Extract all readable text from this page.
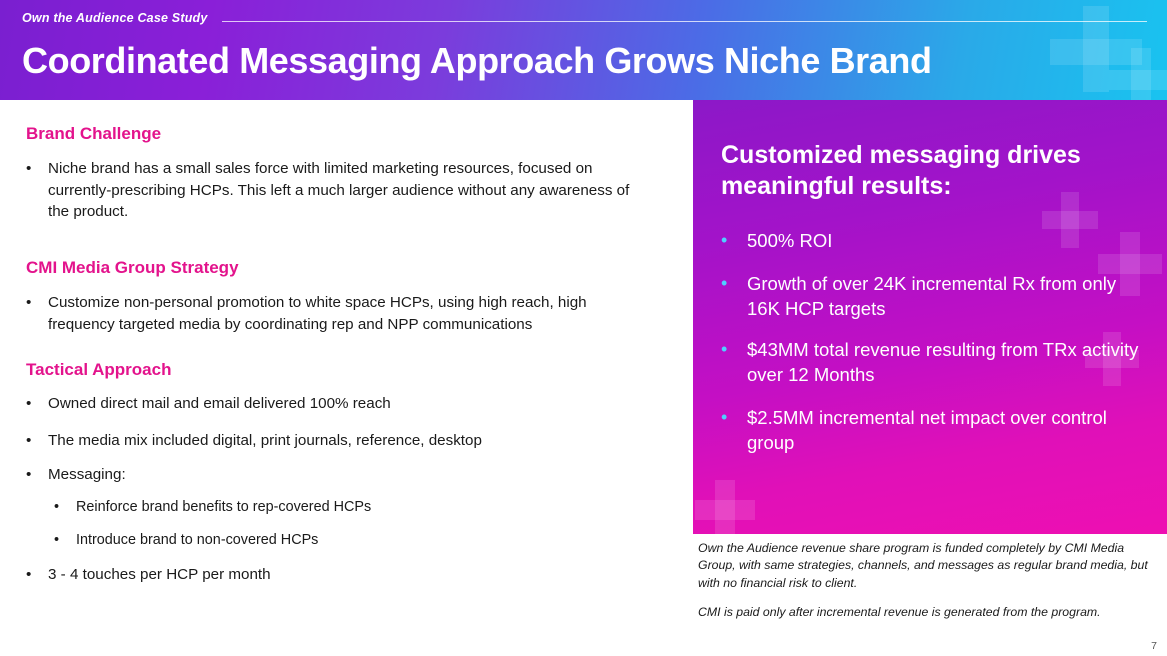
Own the Audience Case Study
Coordinated Messaging Approach Grows Niche Brand
Brand Challenge
•	Niche brand has a small sales force with limited marketing resources, focused on currently-prescribing HCPs. This left a much larger audience without any awareness of the product.
CMI Media Group Strategy
•	Customize non-personal promotion to white space HCPs, using high reach, high frequency targeted media by coordinating rep and NPP communications
Tactical Approach
•	Owned direct mail and email delivered 100% reach
•	The media mix included digital, print journals, reference, desktop
•	Messaging:
•	Reinforce brand benefits to rep-covered HCPs
•	Introduce brand to non-covered HCPs
•	3 - 4 touches per HCP per month
Customized messaging drives meaningful results:
• 500% ROI
• Growth of over 24K incremental Rx from only 16K HCP targets
• $43MM total revenue resulting from TRx activity over 12 Months
• $2.5MM incremental net impact over control group
Own the Audience revenue share program is funded completely by CMI Media Group, with same strategies, channels, and messages as regular brand media, but with no financial risk to client.
CMI is paid only after incremental revenue is generated from the program.
7
